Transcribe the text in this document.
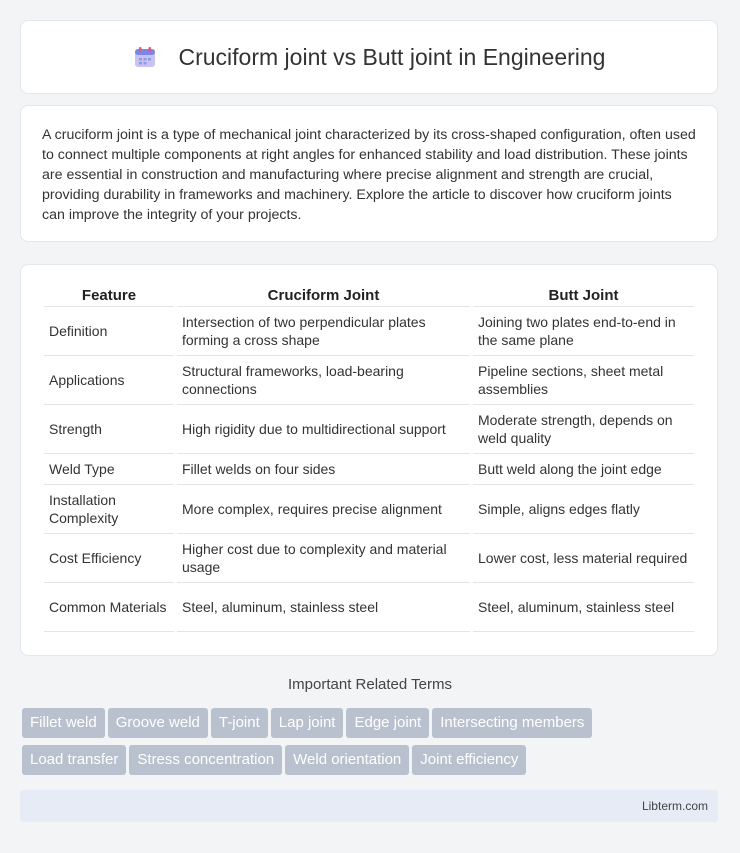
Cruciform joint vs Butt joint in Engineering

A cruciform joint is a type of mechanical joint characterized by its cross-shaped configuration, often used to connect multiple components at right angles for enhanced stability and load distribution. These joints are essential in construction and manufacturing where precise alignment and strength are crucial, providing durability in frameworks and machinery. Explore the article to discover how cruciform joints can improve the integrity of your projects.

Feature	Cruciform Joint	Butt Joint
Definition	Intersection of two perpendicular plates forming a cross shape	Joining two plates end-to-end in the same plane
Applications	Structural frameworks, load-bearing connections	Pipeline sections, sheet metal assemblies
Strength	High rigidity due to multidirectional support	Moderate strength, depends on weld quality
Weld Type	Fillet welds on four sides	Butt weld along the joint edge
Installation Complexity	More complex, requires precise alignment	Simple, aligns edges flatly
Cost Efficiency	Higher cost due to complexity and material usage	Lower cost, less material required
Common Materials	Steel, aluminum, stainless steel	Steel, aluminum, stainless steel
Important Related Terms
Fillet weld Groove weld T-joint Lap joint Edge joint Intersecting members
Load transfer Stress concentration Weld orientation Joint efficiency
Libterm.com
